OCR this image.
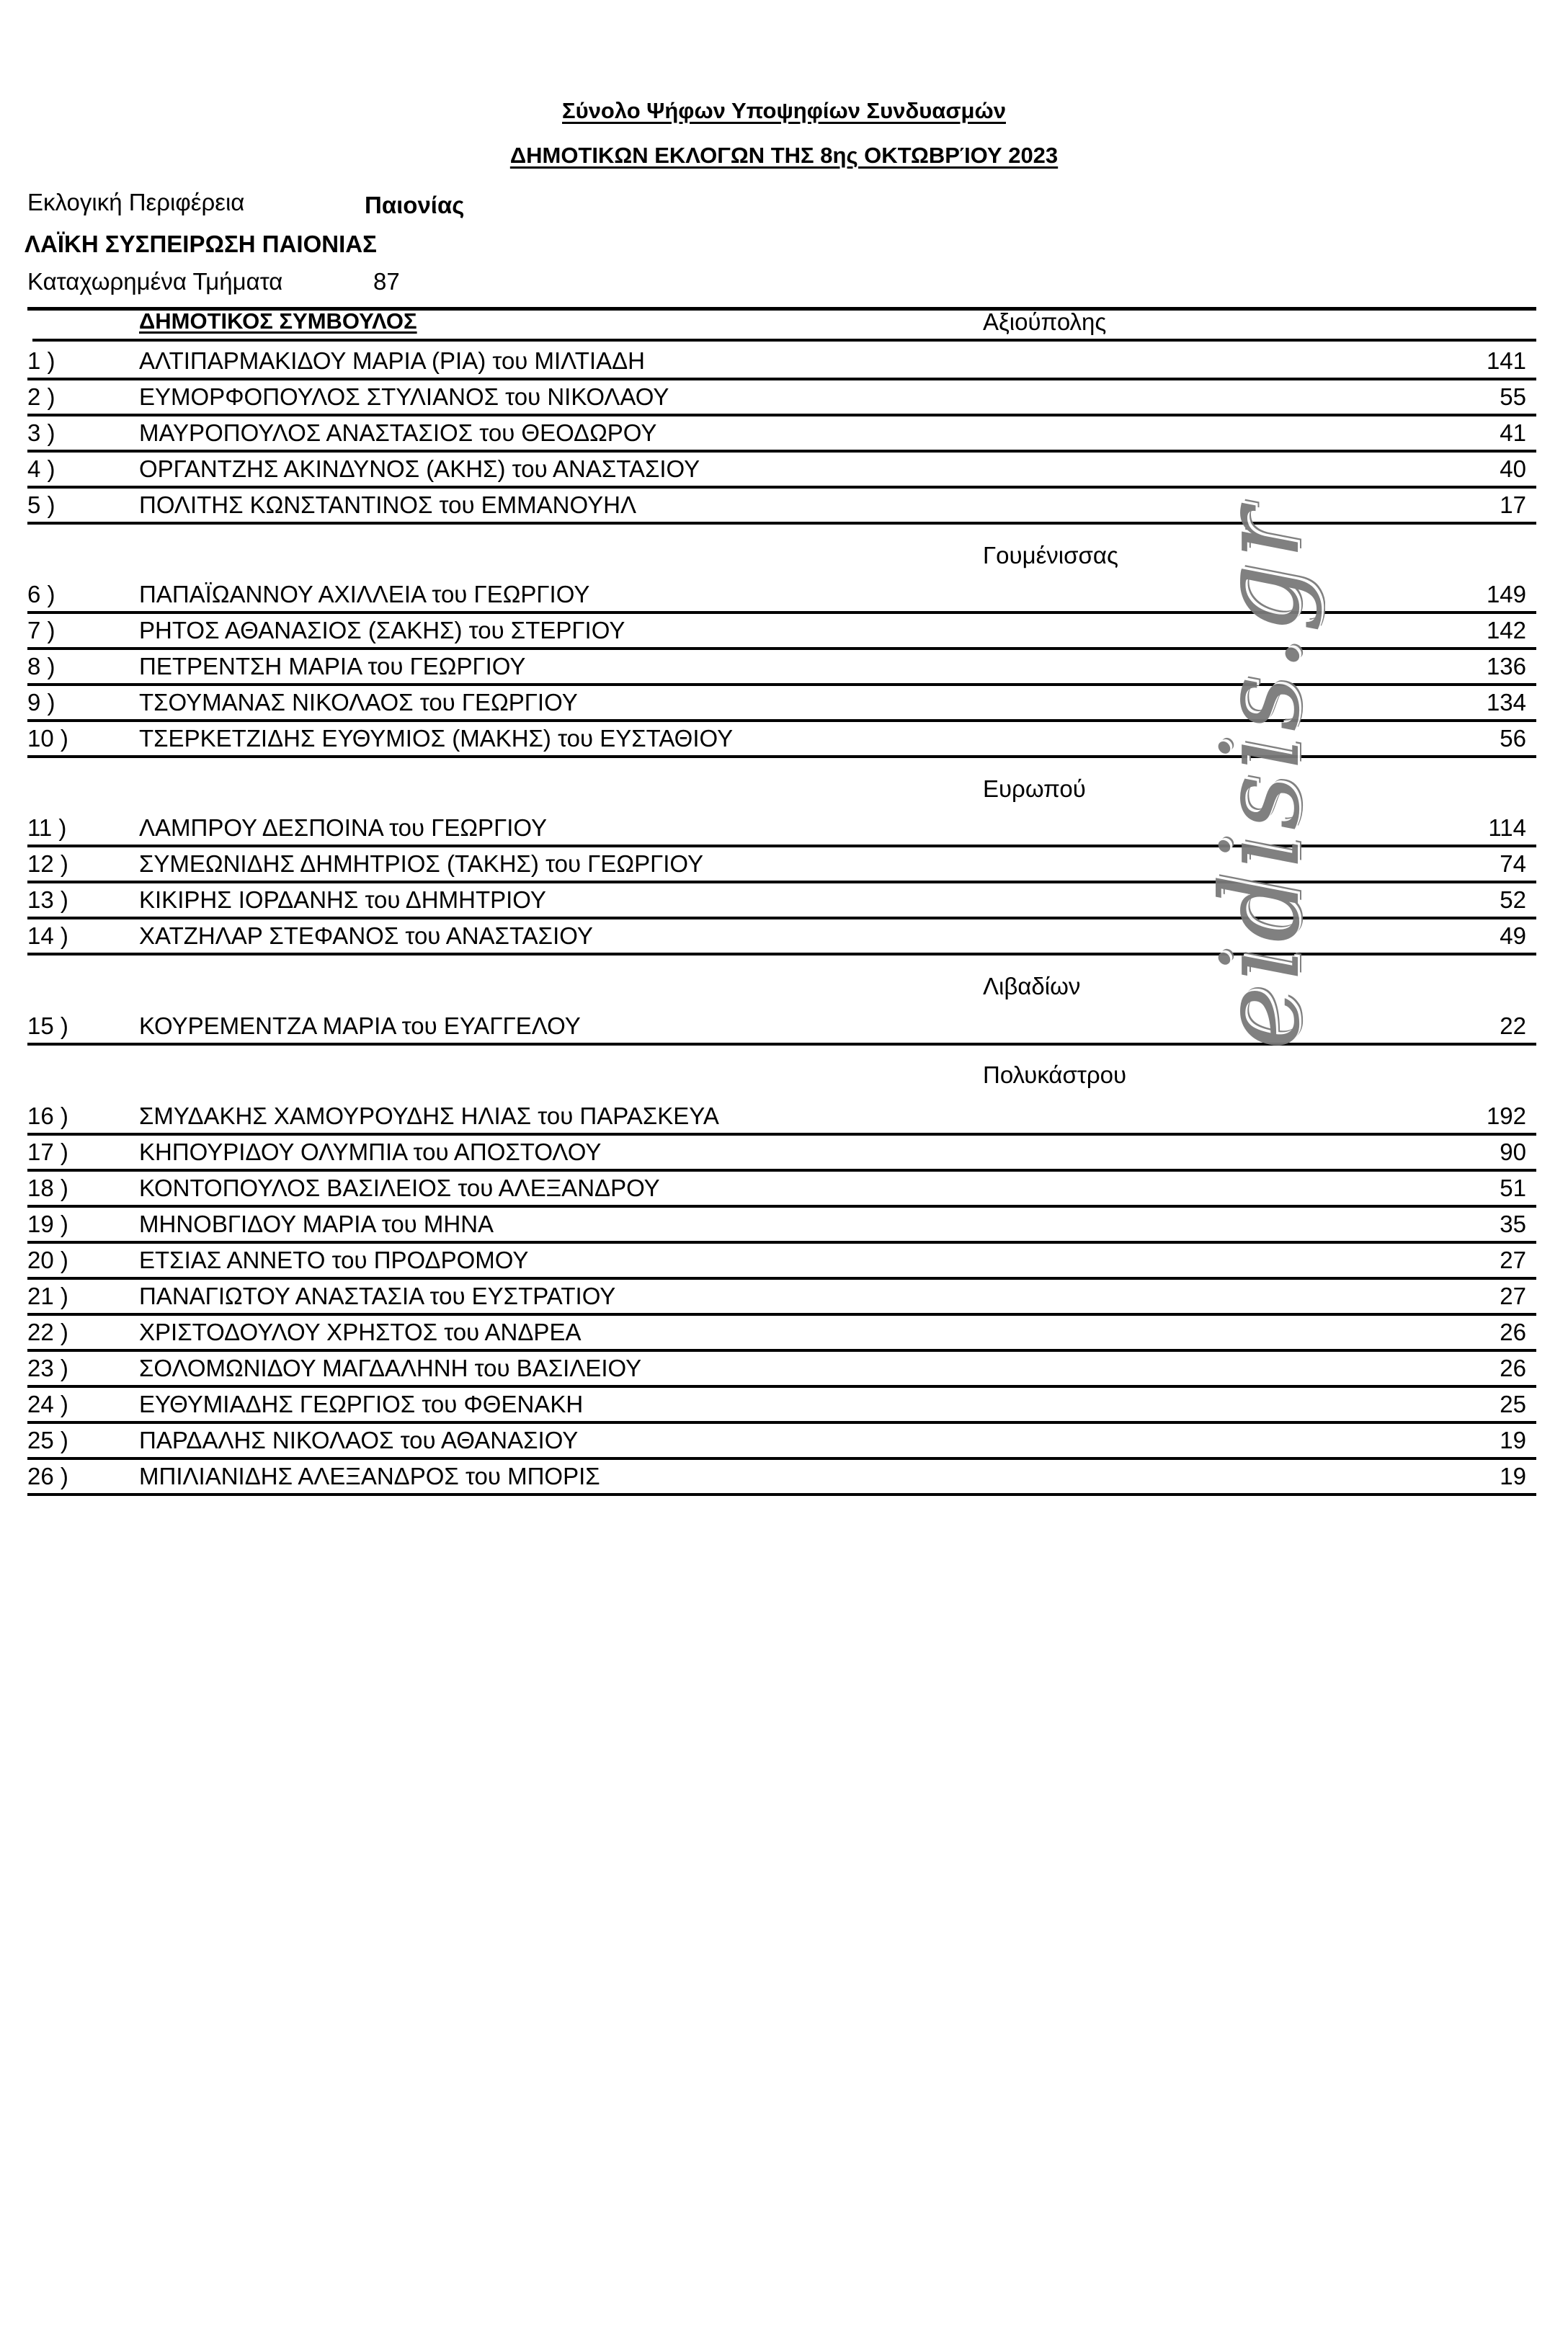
Σύνολο Ψήφων Υποψηφίων Συνδυασμών
ΔΗΜΟΤΙΚΩΝ ΕΚΛΟΓΩΝ ΤΗΣ 8ης ΟΚΤΩΒΡΊΟΥ 2023
Εκλογική Περιφέρεια	Παιονίας
ΛΑΪΚΗ ΣΥΣΠΕΙΡΩΣΗ ΠΑΙΟΝΙΑΣ
Καταχωρημένα Τμήματα	87
ΔΗΜΟΤΙΚΟΣ ΣΥΜΒΟΥΛΟΣ	Αξιούπολης
1 )	ΑΛΤΙΠΑΡΜΑΚΙΔΟΥ ΜΑΡΙΑ (ΡΙΑ) του ΜΙΛΤΙΑΔΗ	141
2 )	ΕΥΜΟΡΦΟΠΟΥΛΟΣ ΣΤΥΛΙΑΝΟΣ του ΝΙΚΟΛΑΟΥ	55
3 )	ΜΑΥΡΟΠΟΥΛΟΣ ΑΝΑΣΤΑΣΙΟΣ του ΘΕΟΔΩΡΟΥ	41
4 )	ΟΡΓΑΝΤΖΗΣ ΑΚΙΝΔΥΝΟΣ (ΑΚΗΣ) του ΑΝΑΣΤΑΣΙΟΥ	40
5 )	ΠΟΛΙΤΗΣ ΚΩΝΣΤΑΝΤΙΝΟΣ του ΕΜΜΑΝΟΥΗΛ	17
Γουμένισσας
6 )	ΠΑΠΑΪΩΑΝΝΟΥ ΑΧΙΛΛΕΙΑ του ΓΕΩΡΓΙΟΥ	149
7 )	ΡΗΤΟΣ ΑΘΑΝΑΣΙΟΣ (ΣΑΚΗΣ) του ΣΤΕΡΓΙΟΥ	142
8 )	ΠΕΤΡΕΝΤΣΗ ΜΑΡΙΑ του ΓΕΩΡΓΙΟΥ	136
9 )	ΤΣΟΥΜΑΝΑΣ ΝΙΚΟΛΑΟΣ του ΓΕΩΡΓΙΟΥ	134
10 )	ΤΣΕΡΚΕΤΖΙΔΗΣ ΕΥΘΥΜΙΟΣ (ΜΑΚΗΣ) του ΕΥΣΤΑΘΙΟΥ	56
Ευρωπού
11 )	ΛΑΜΠΡΟΥ ΔΕΣΠΟΙΝΑ του ΓΕΩΡΓΙΟΥ	114
12 )	ΣΥΜΕΩΝΙΔΗΣ ΔΗΜΗΤΡΙΟΣ (ΤΑΚΗΣ) του ΓΕΩΡΓΙΟΥ	74
13 )	ΚΙΚΙΡΗΣ ΙΟΡΔΑΝΗΣ του ΔΗΜΗΤΡΙΟΥ	52
14 )	ΧΑΤΖΗΛΑΡ ΣΤΕΦΑΝΟΣ του ΑΝΑΣΤΑΣΙΟΥ	49
Λιβαδίων
15 )	ΚΟΥΡΕΜΕΝΤΖΑ ΜΑΡΙΑ του ΕΥΑΓΓΕΛΟΥ	22
Πολυκάστρου
16 )	ΣΜΥΔΑΚΗΣ ΧΑΜΟΥΡΟΥΔΗΣ ΗΛΙΑΣ του ΠΑΡΑΣΚΕΥΑ	192
17 )	ΚΗΠΟΥΡΙΔΟΥ ΟΛΥΜΠΙΑ του ΑΠΟΣΤΟΛΟΥ	90
18 )	ΚΟΝΤΟΠΟΥΛΟΣ ΒΑΣΙΛΕΙΟΣ του ΑΛΕΞΑΝΔΡΟΥ	51
19 )	ΜΗΝΟΒΓΙΔΟΥ ΜΑΡΙΑ του ΜΗΝΑ	35
20 )	ΕΤΣΙΑΣ ΑΝΝΕΤΟ του ΠΡΟΔΡΟΜΟΥ	27
21 )	ΠΑΝΑΓΙΩΤΟΥ ΑΝΑΣΤΑΣΙΑ του ΕΥΣΤΡΑΤΙΟΥ	27
22 )	ΧΡΙΣΤΟΔΟΥΛΟΥ ΧΡΗΣΤΟΣ του ΑΝΔΡΕΑ	26
23 )	ΣΟΛΟΜΩΝΙΔΟΥ ΜΑΓΔΑΛΗΝΗ του ΒΑΣΙΛΕΙΟΥ	26
24 )	ΕΥΘΥΜΙΑΔΗΣ ΓΕΩΡΓΙΟΣ του ΦΘΕΝΑΚΗ	25
25 )	ΠΑΡΔΑΛΗΣ ΝΙΚΟΛΑΟΣ του ΑΘΑΝΑΣΙΟΥ	19
26 )	ΜΠΙΛΙΑΝΙΔΗΣ ΑΛΕΞΑΝΔΡΟΣ του ΜΠΟΡΙΣ	19
eidisis.gr
